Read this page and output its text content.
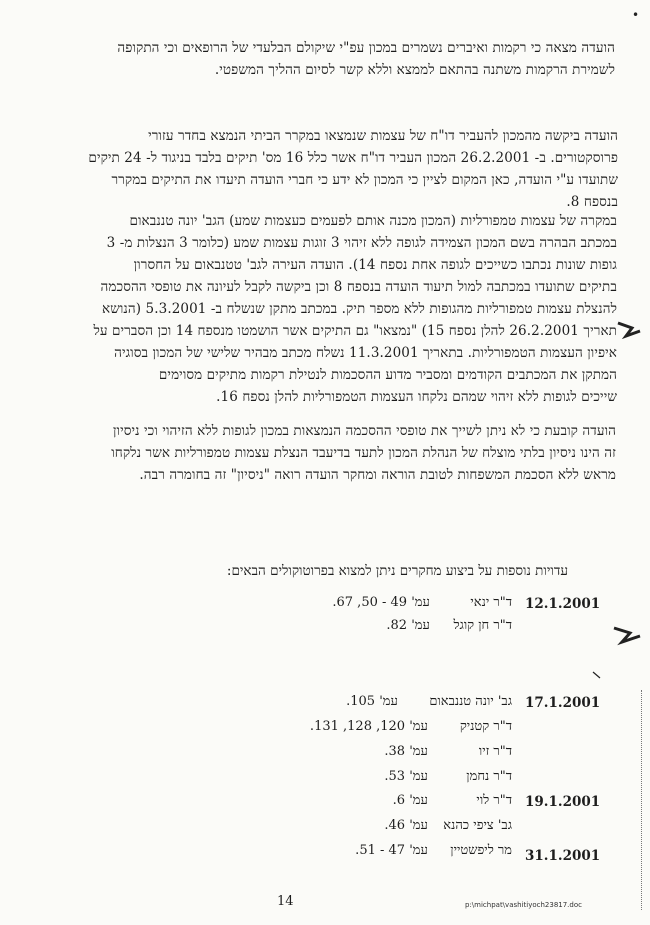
הועדה מצאה כי רקמות ואיברים נשמרים במכון עפ"י שיקולם הבלעדי של הרופאים וכי התקופה
לשמירת הרקמות משתנה בהתאם לממצא וללא קשר לסיום ההליך המשפטי.
הועדה ביקשה מהמכון להעביר דו"ח של עצמות שנמצאו במקרר הביתי הנמצא בחדר עזורי
פרוסקטורים. ב- 26.2.2001 המכון העביר דו"ח אשר כלל 16 מס' תיקים בלבד בניגוד ל- 24 תיקים
שתועדו ע"י הועדה, כאן המקום לציין כי המכון לא ידע כי חברי הועדה תיעדו את התיקים במקרר
בנספח 8.
במקרה של עצמות טמפורליות (המכון מכנה אותם לפעמים כעצמות שמע) הגב' יונה טננבאום
במכתב הבהרה בשם המכון הצמידה לגופה ללא זיהוי 3 זוגות עצמות שמע (כלומר 3 הנצלות מ- 3
גופות שונות נכתבו כשייכים לגופה אחת נספח 14). הועדה העירה לגב' טטנבאום על החסרון
בתיקים שתועדו במכתבה למול תיעוד הועדה בנספח 8 וכן ביקשה לקבל לעיונה את טופסי ההסכמה
להנצלת עצמות טמפורליות מהגופות ללא מספר תיק. במכתב מתקן שנשלח ב- 5.3.2001 (הנושא
תאריך 26.2.2001 להלן נספח 15) "נמצאו" גם התיקים אשר הושמטו מנספח 14 וכן הסברים על
איפיון העצמות הטמפורליות. בתאריך 11.3.2001 נשלח מכתב מבהיר שלישי של המכון בסוגיה
המתקן את המכתבים הקודמים ומסביר מדוע ההסכמות לנטילת רקמות מתיקים מסוימים
שייכים לגופות ללא זיהוי שמהם נלקחו העצמות הטמפורליות להלן נספח 16.
הועדה קובעת כי לא ניתן לשייך את טופסי ההסכמה הנמצאות במכון לגופות ללא הזיהוי וכי ניסיון
זה הינו ניסיון בלתי מוצלח של הנהלת המכון לתעד בדיעבד הנצלת עצמות טמפורליות אשר נלקחו
מראש ללא הסכמת המשפחות לטובת הוראה ומחקר הועדה רואה "ניסיון" זה בחומרה רבה.
עדויות נוספות על ביצוע מחקרים ניתן למצוא בפרוטוקולים הבאים:
12.1.2001
ד"ר ינאי עמ' 49 - 50, 67.
ד"ר חן קוגל עמ' 82.
17.1.2001
גב' יונה טננבאום עמ' 105.
ד"ר קטניק עמ' 120, 128, 131.
ד"ר זיו עמ' 38.
ד"ר נחמן עמ' 53.
19.1.2001
ד"ר לוי עמ' 6.
גב' ציפי כהנא עמ' 46.
31.1.2001
מר ליפשטיין עמ' 47 - 51.
14	p:\michpat\vashitiyoch23817.doc
•
